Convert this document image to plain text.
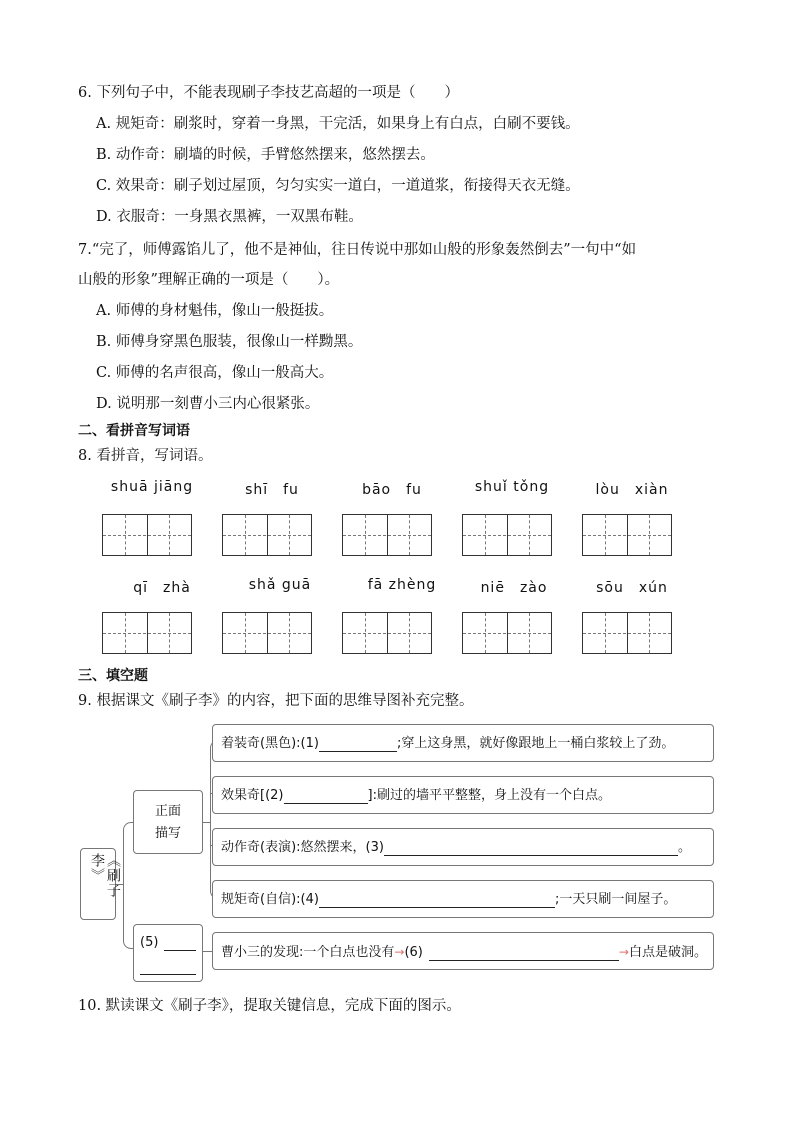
6. 下列句子中，不能表现刷子李技艺高超的一项是（　　）
A. 规矩奇：刷浆时，穿着一身黑，干完活，如果身上有白点，白刷不要钱。
B. 动作奇：刷墙的时候，手臂悠然摆来，悠然摆去。
C. 效果奇：刷子划过屋顶，匀匀实实一道白，一道道浆，衔接得天衣无缝。
D. 衣服奇：一身黑衣黑裤，一双黑布鞋。
7.“完了，师傅露馅儿了，他不是神仙，往日传说中那如山般的形象轰然倒去”一句中“如
山般的形象”理解正确的一项是（　　）。
A. 师傅的身材魁伟，像山一般挺拔。
B. 师傅身穿黑色服装，很像山一样黝黑。
C. 师傅的名声很高，像山一般高大。
D. 说明那一刻曹小三内心很紧张。
二、看拼音写词语
8. 看拼音，写词语。
shuā jiāng	shī　fu	bāo　fu	shuǐ tǒng	lòu　xiàn
qī　zhà	shǎ guā	fā zhèng	niē　zào	sōu　xún
三、填空题
9. 根据课文《刷子李》的内容，把下面的思维导图补充完整。
《刷子李》
正面
描写
着装奇(黑色):(1)	;穿上这身黑，就好像跟地上一桶白浆较上了劲。
效果奇[(2)	]:刷过的墙平平整整，身上没有一个白点。
动作奇(表演):悠然摆来，(3)	。
规矩奇(自信):(4)	;一天只刷一间屋子。
(5)
曹小三的发现:一个白点也没有→(6)	→白点是破洞。
10. 默读课文《刷子李》，提取关键信息，完成下面的图示。
